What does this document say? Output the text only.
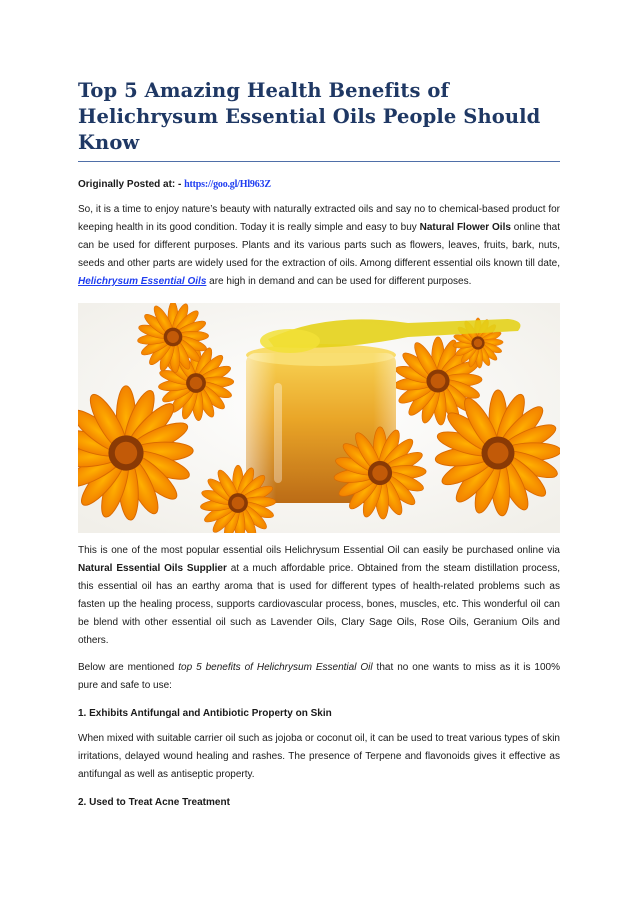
Top 5 Amazing Health Benefits of Helichrysum Essential Oils People Should Know
Originally Posted at: - https://goo.gl/Hl963Z

So, it is a time to enjoy nature’s beauty with naturally extracted oils and say no to chemical-based product for keeping health in its good condition. Today it is really simple and easy to buy Natural Flower Oils online that can be used for different purposes. Plants and its various parts such as flowers, leaves, fruits, bark, nuts, seeds and other parts are widely used for the extraction of oils. Among different essential oils known till date, Helichrysum Essential Oils are high in demand and can be used for different purposes.

This is one of the most popular essential oils Helichrysum Essential Oil can easily be purchased online via Natural Essential Oils Supplier at a much affordable price. Obtained from the steam distillation process, this essential oil has an earthy aroma that is used for different types of health-related problems such as fasten up the healing process, supports cardiovascular process, bones, muscles, etc. This wonderful oil can be blend with other essential oil such as Lavender Oils, Clary Sage Oils, Rose Oils, Geranium Oils and others.

Below are mentioned top 5 benefits of Helichrysum Essential Oil that no one wants to miss as it is 100% pure and safe to use:

1. Exhibits Antifungal and Antibiotic Property on Skin

When mixed with suitable carrier oil such as jojoba or coconut oil, it can be used to treat various types of skin irritations, delayed wound healing and rashes. The presence of Terpene and flavonoids gives it effective as antifungal as well as antiseptic property.

2. Used to Treat Acne Treatment
